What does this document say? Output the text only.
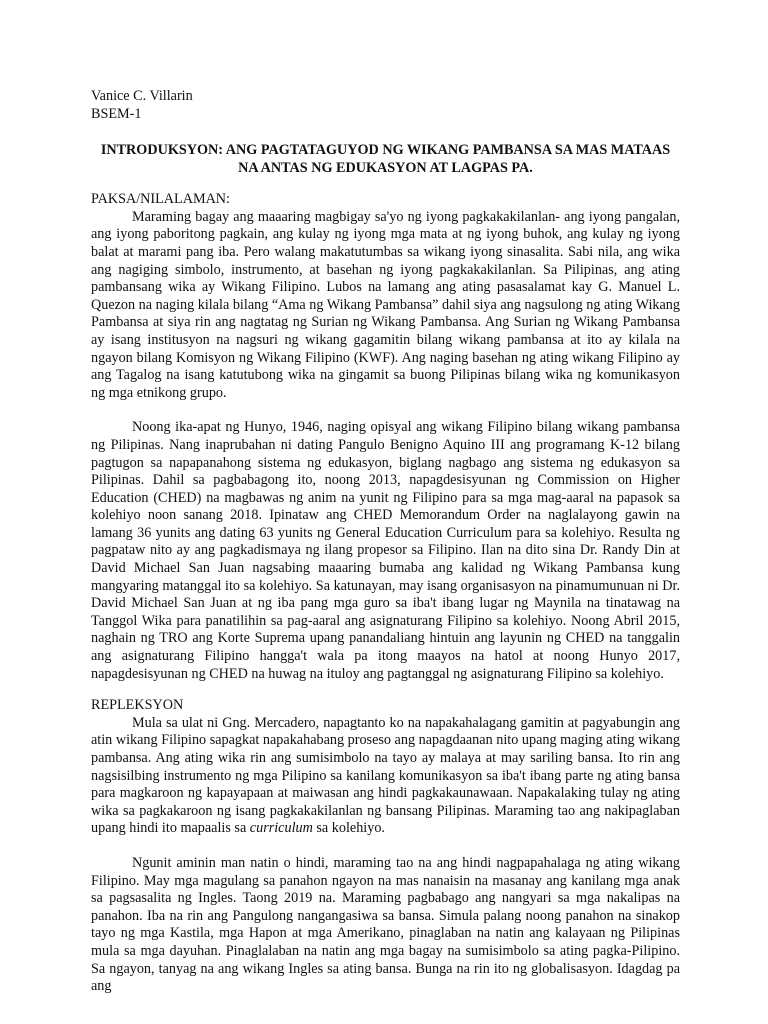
Vanice C. Villarin

BSEM-1

INTRODUKSYON: ANG PAGTATAGUYOD NG WIKANG PAMBANSA SA MAS MATAAS NA ANTAS NG EDUKASYON AT LAGPAS PA.

PAKSA/NILALAMAN:

Maraming bagay ang maaaring magbigay sa'yo ng iyong pagkakakilanlan- ang iyong pangalan, ang iyong paboritong pagkain, ang kulay ng iyong mga mata at ng iyong buhok, ang kulay ng iyong balat at marami pang iba. Pero walang makatutumbas sa wikang iyong sinasalita. Sabi nila, ang wika ang nagiging simbolo, instrumento, at basehan ng iyong pagkakakilanlan. Sa Pilipinas, ang ating pambansang wika ay Wikang Filipino. Lubos na lamang ang ating pasasalamat kay G. Manuel L. Quezon na naging kilala bilang “Ama ng Wikang Pambansa” dahil siya ang nagsulong ng ating Wikang Pambansa at siya rin ang nagtatag ng Surian ng Wikang Pambansa. Ang Surian ng Wikang Pambansa ay isang institusyon na nagsuri ng wikang gagamitin bilang wikang pambansa at ito ay kilala na ngayon bilang Komisyon ng Wikang Filipino (KWF). Ang naging basehan ng ating wikang Filipino ay ang Tagalog na isang katutubong wika na gingamit sa buong Pilipinas bilang wika ng komunikasyon ng mga etnikong grupo.

Noong ika-apat ng Hunyo, 1946, naging opisyal ang wikang Filipino bilang wikang pambansa ng Pilipinas. Nang inaprubahan ni dating Pangulo Benigno Aquino III ang programang K-12 bilang pagtugon sa napapanahong sistema ng edukasyon, biglang nagbago ang sistema ng edukasyon sa Pilipinas. Dahil sa pagbabagong ito, noong 2013, napagdesisyunan ng Commission on Higher Education (CHED) na magbawas ng anim na yunit ng Filipino para sa mga mag-aaral na papasok sa kolehiyo noon sanang 2018. Ipinataw ang CHED Memorandum Order na naglalayong gawin na lamang 36 yunits ang dating 63 yunits ng General Education Curriculum para sa kolehiyo. Resulta ng pagpataw nito ay ang pagkadismaya ng ilang propesor sa Filipino. Ilan na dito sina Dr. Randy Din at David Michael San Juan nagsabing maaaring bumaba ang kalidad ng Wikang Pambansa kung mangyaring matanggal ito sa kolehiyo. Sa katunayan, may isang organisasyon na pinamumunuan ni Dr. David Michael San Juan at ng iba pang mga guro sa iba't ibang lugar ng Maynila na tinatawag na Tanggol Wika para panatilihin sa pag-aaral ang asignaturang Filipino sa kolehiyo. Noong Abril 2015, naghain ng TRO ang Korte Suprema upang panandaliang hintuin ang layunin ng CHED na tanggalin ang asignaturang Filipino hangga't wala pa itong maayos na hatol at noong Hunyo 2017, napagdesisyunan ng CHED na huwag na ituloy ang pagtanggal ng asignaturang Filipino sa kolehiyo.

REPLEKSYON

Mula sa ulat ni Gng. Mercadero, napagtanto ko na napakahalagang gamitin at pagyabungin ang atin wikang Filipino sapagkat napakahabang proseso ang napagdaanan nito upang maging ating wikang pambansa. Ang ating wika rin ang sumisimbolo na tayo ay malaya at may sariling bansa. Ito rin ang nagsisilbing instrumento ng mga Pilipino sa kanilang komunikasyon sa iba't ibang parte ng ating bansa para magkaroon ng kapayapaan at maiwasan ang hindi pagkakaunawaan. Napakalaking tulay ng ating wika sa pagkakaroon ng isang pagkakakilanlan ng bansang Pilipinas. Maraming tao ang nakipaglaban upang hindi ito mapaalis sa curriculum sa kolehiyo.

Ngunit aminin man natin o hindi, maraming tao na ang hindi nagpapahalaga ng ating wikang Filipino. May mga magulang sa panahon ngayon na mas nanaisin na masanay ang kanilang mga anak sa pagsasalita ng Ingles. Taong 2019 na. Maraming pagbabago ang nangyari sa mga nakalipas na panahon. Iba na rin ang Pangulong nangangasiwa sa bansa. Simula palang noong panahon na sinakop tayo ng mga Kastila, mga Hapon at mga Amerikano, pinaglaban na natin ang kalayaan ng Pilipinas mula sa mga dayuhan. Pinaglalaban na natin ang mga bagay na sumisimbolo sa ating pagka-Pilipino. Sa ngayon, tanyag na ang wikang Ingles sa ating bansa. Bunga na rin ito ng globalisasyon. Idagdag pa ang
